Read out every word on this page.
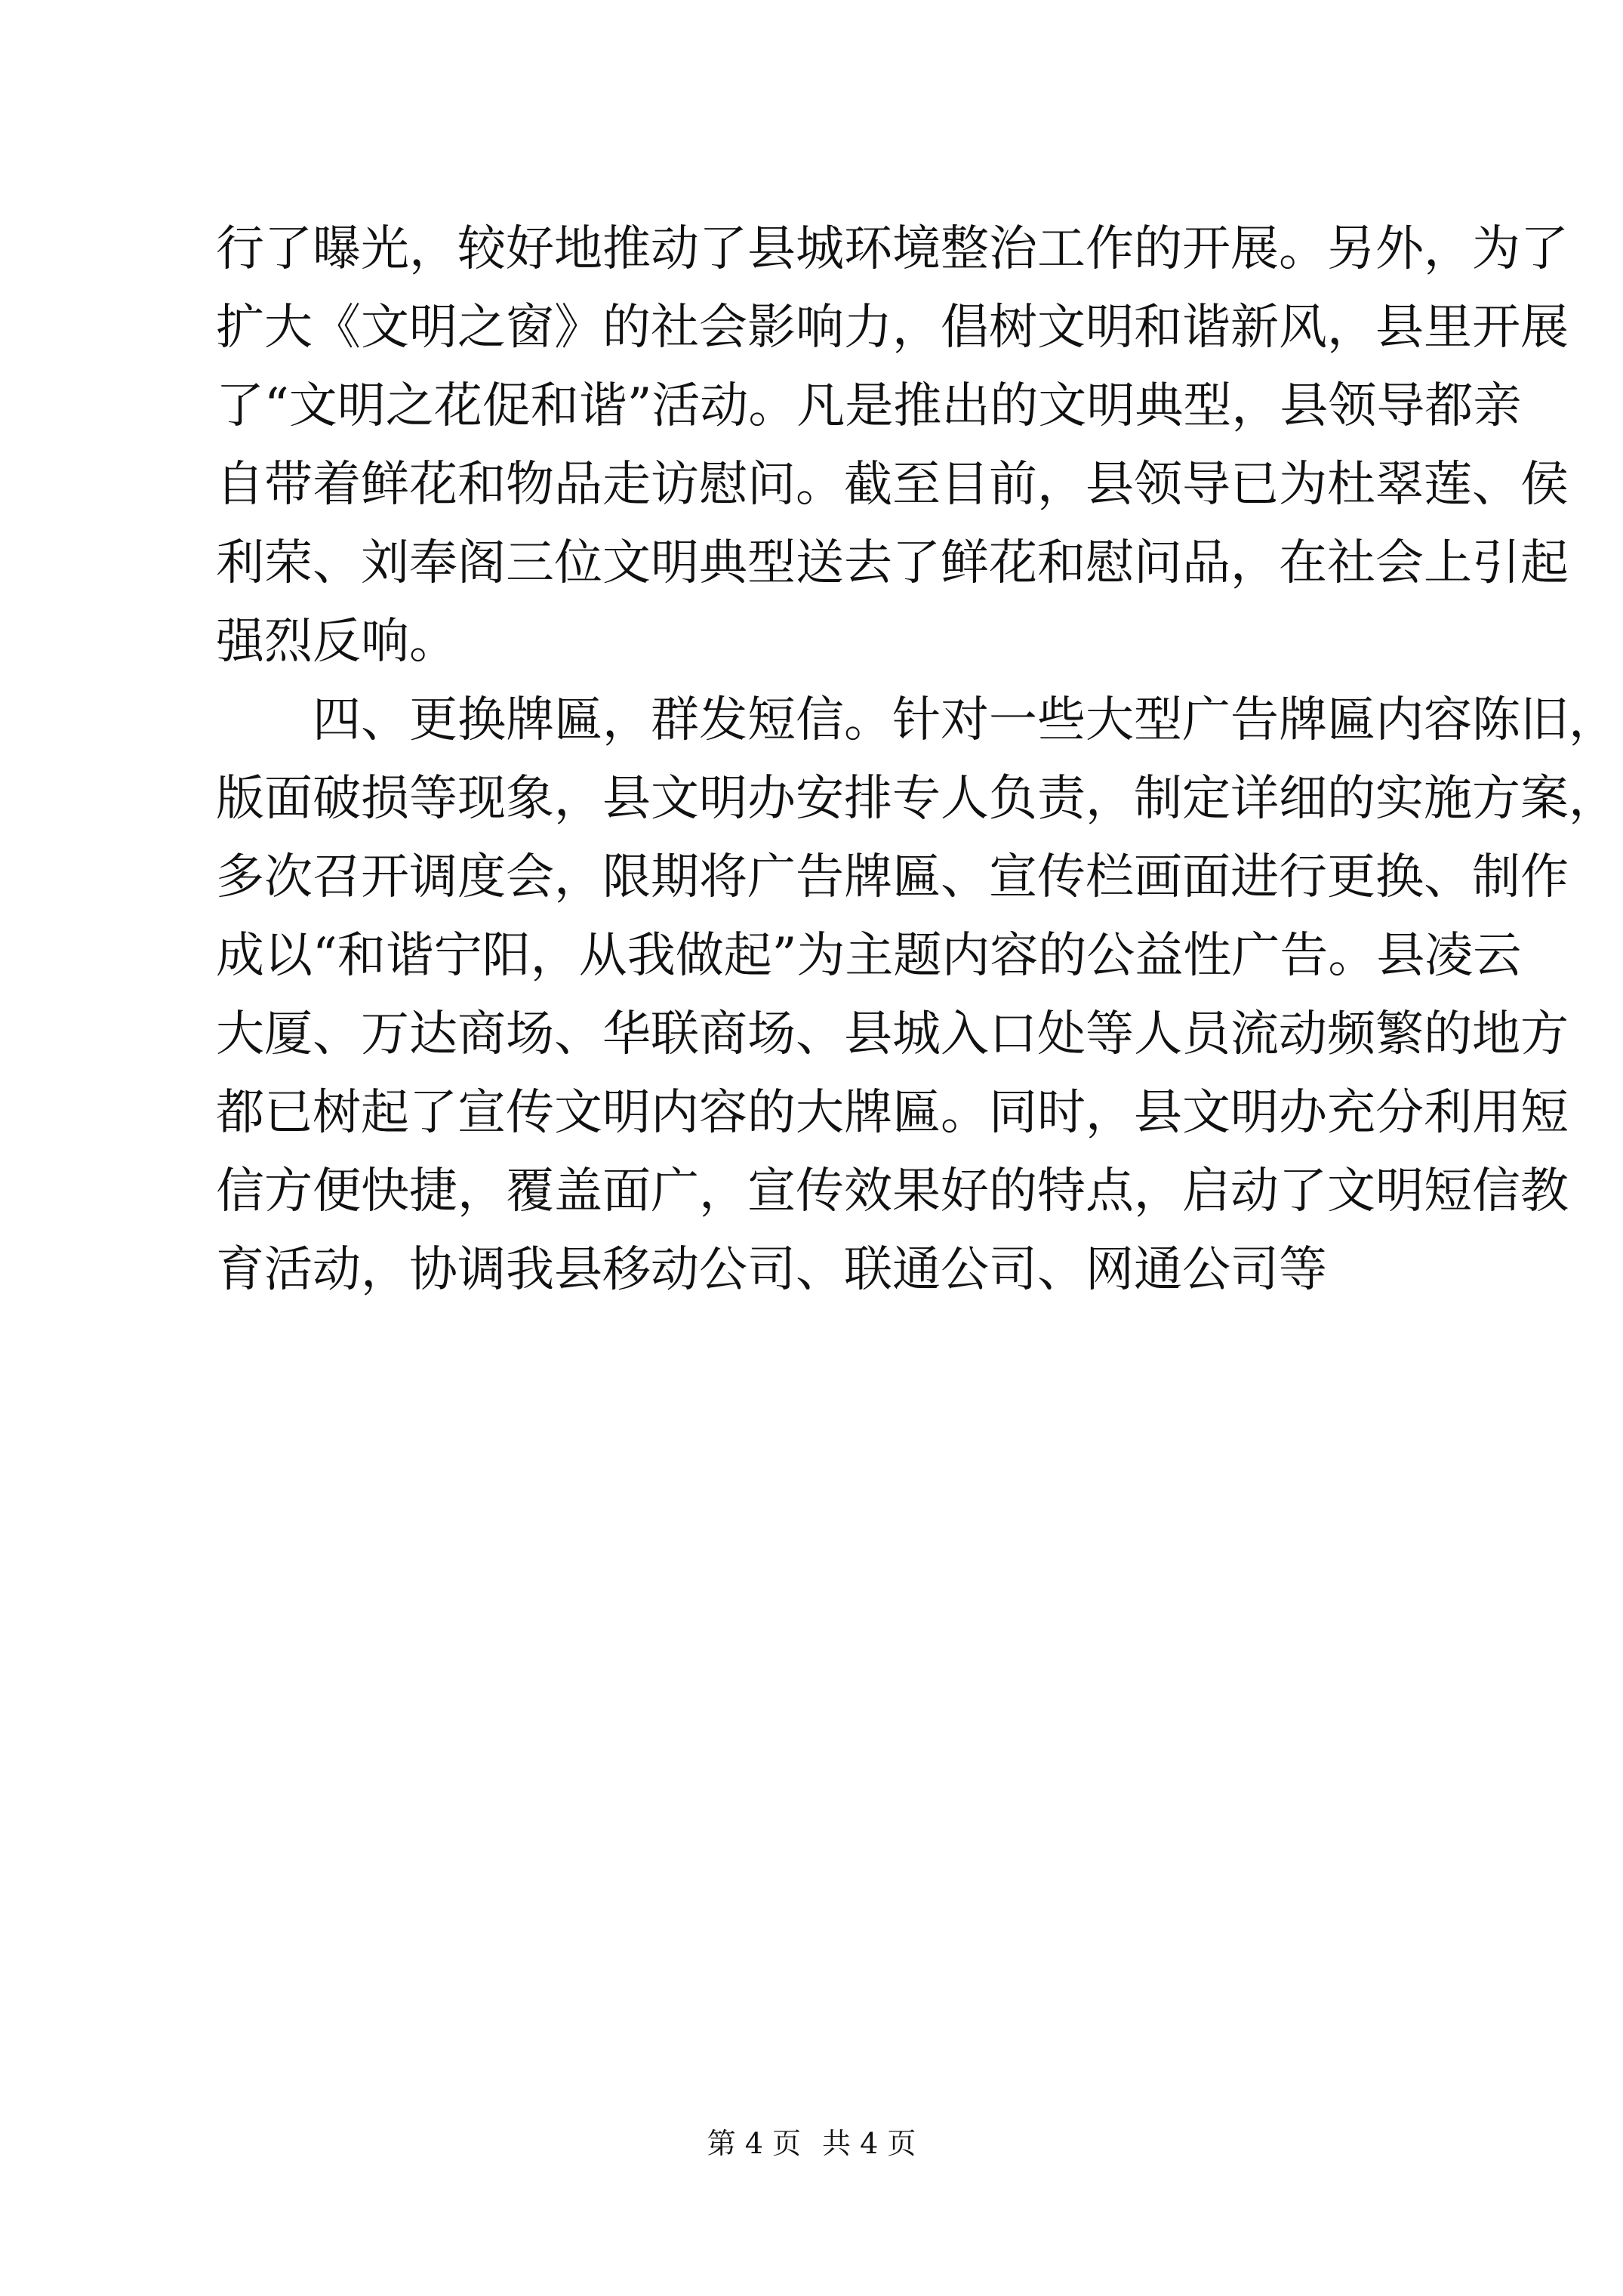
行了曝光，较好地推动了县城环境整治工作的开展。另外，为了
扩大《文明之窗》的社会影响力，倡树文明和谐新风，县里开展
了“文明之花促和谐”活动。凡是推出的文明典型，县领导都亲
自带着鲜花和物品走访慰问。截至目前，县领导已为杜翠莲、侯
利荣、刘奉阁三位文明典型送去了鲜花和慰问品，在社会上引起
强烈反响。
　　四、更换牌匾，群发短信。针对一些大型广告牌匾内容陈旧，
版面破损等现象，县文明办安排专人负责，制定详细的实施方案，
多次召开调度会，限期将广告牌匾、宣传栏画面进行更换、制作
成以“和谐宁阳，从我做起”为主题内容的公益性广告。县凌云
大厦、万达商场、华联商场、县城入口处等人员流动频繁的地方
都已树起了宣传文明内容的大牌匾。同时，县文明办充分利用短
信方便快捷，覆盖面广，宣传效果好的特点，启动了文明短信教
育活动，协调我县移动公司、联通公司、网通公司等
第 4 页 共 4 页
